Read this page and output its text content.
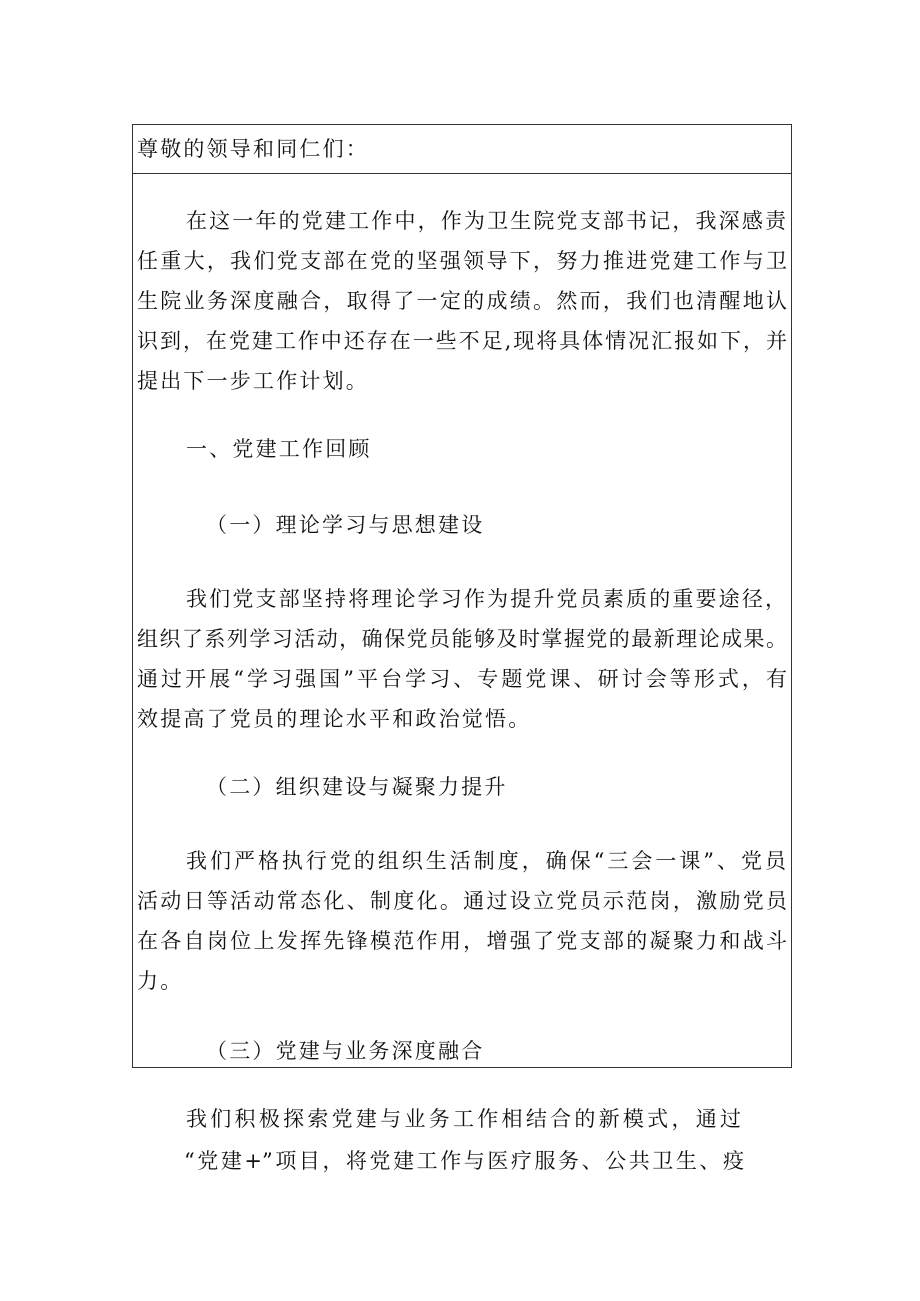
尊敬的领导和同仁们：
在这一年的党建工作中，作为卫生院党支部书记，我深感责
任重大，我们党支部在党的坚强领导下，努力推进党建工作与卫
生院业务深度融合，取得了一定的成绩。然而，我们也清醒地认
识到，在党建工作中还存在一些不足,现将具体情况汇报如下，并
提出下一步工作计划。
一、党建工作回顾
（一）理论学习与思想建设
我们党支部坚持将理论学习作为提升党员素质的重要途径，
组织了系列学习活动，确保党员能够及时掌握党的最新理论成果。
通过开展“学习强国”平台学习、专题党课、研讨会等形式，有
效提高了党员的理论水平和政治觉悟。
（二）组织建设与凝聚力提升
我们严格执行党的组织生活制度，确保“三会一课”、党员
活动日等活动常态化、制度化。通过设立党员示范岗，激励党员
在各自岗位上发挥先锋模范作用，增强了党支部的凝聚力和战斗
力。
（三）党建与业务深度融合
我们积极探索党建与业务工作相结合的新模式，通过
“党建+”项目，将党建工作与医疗服务、公共卫生、疫
